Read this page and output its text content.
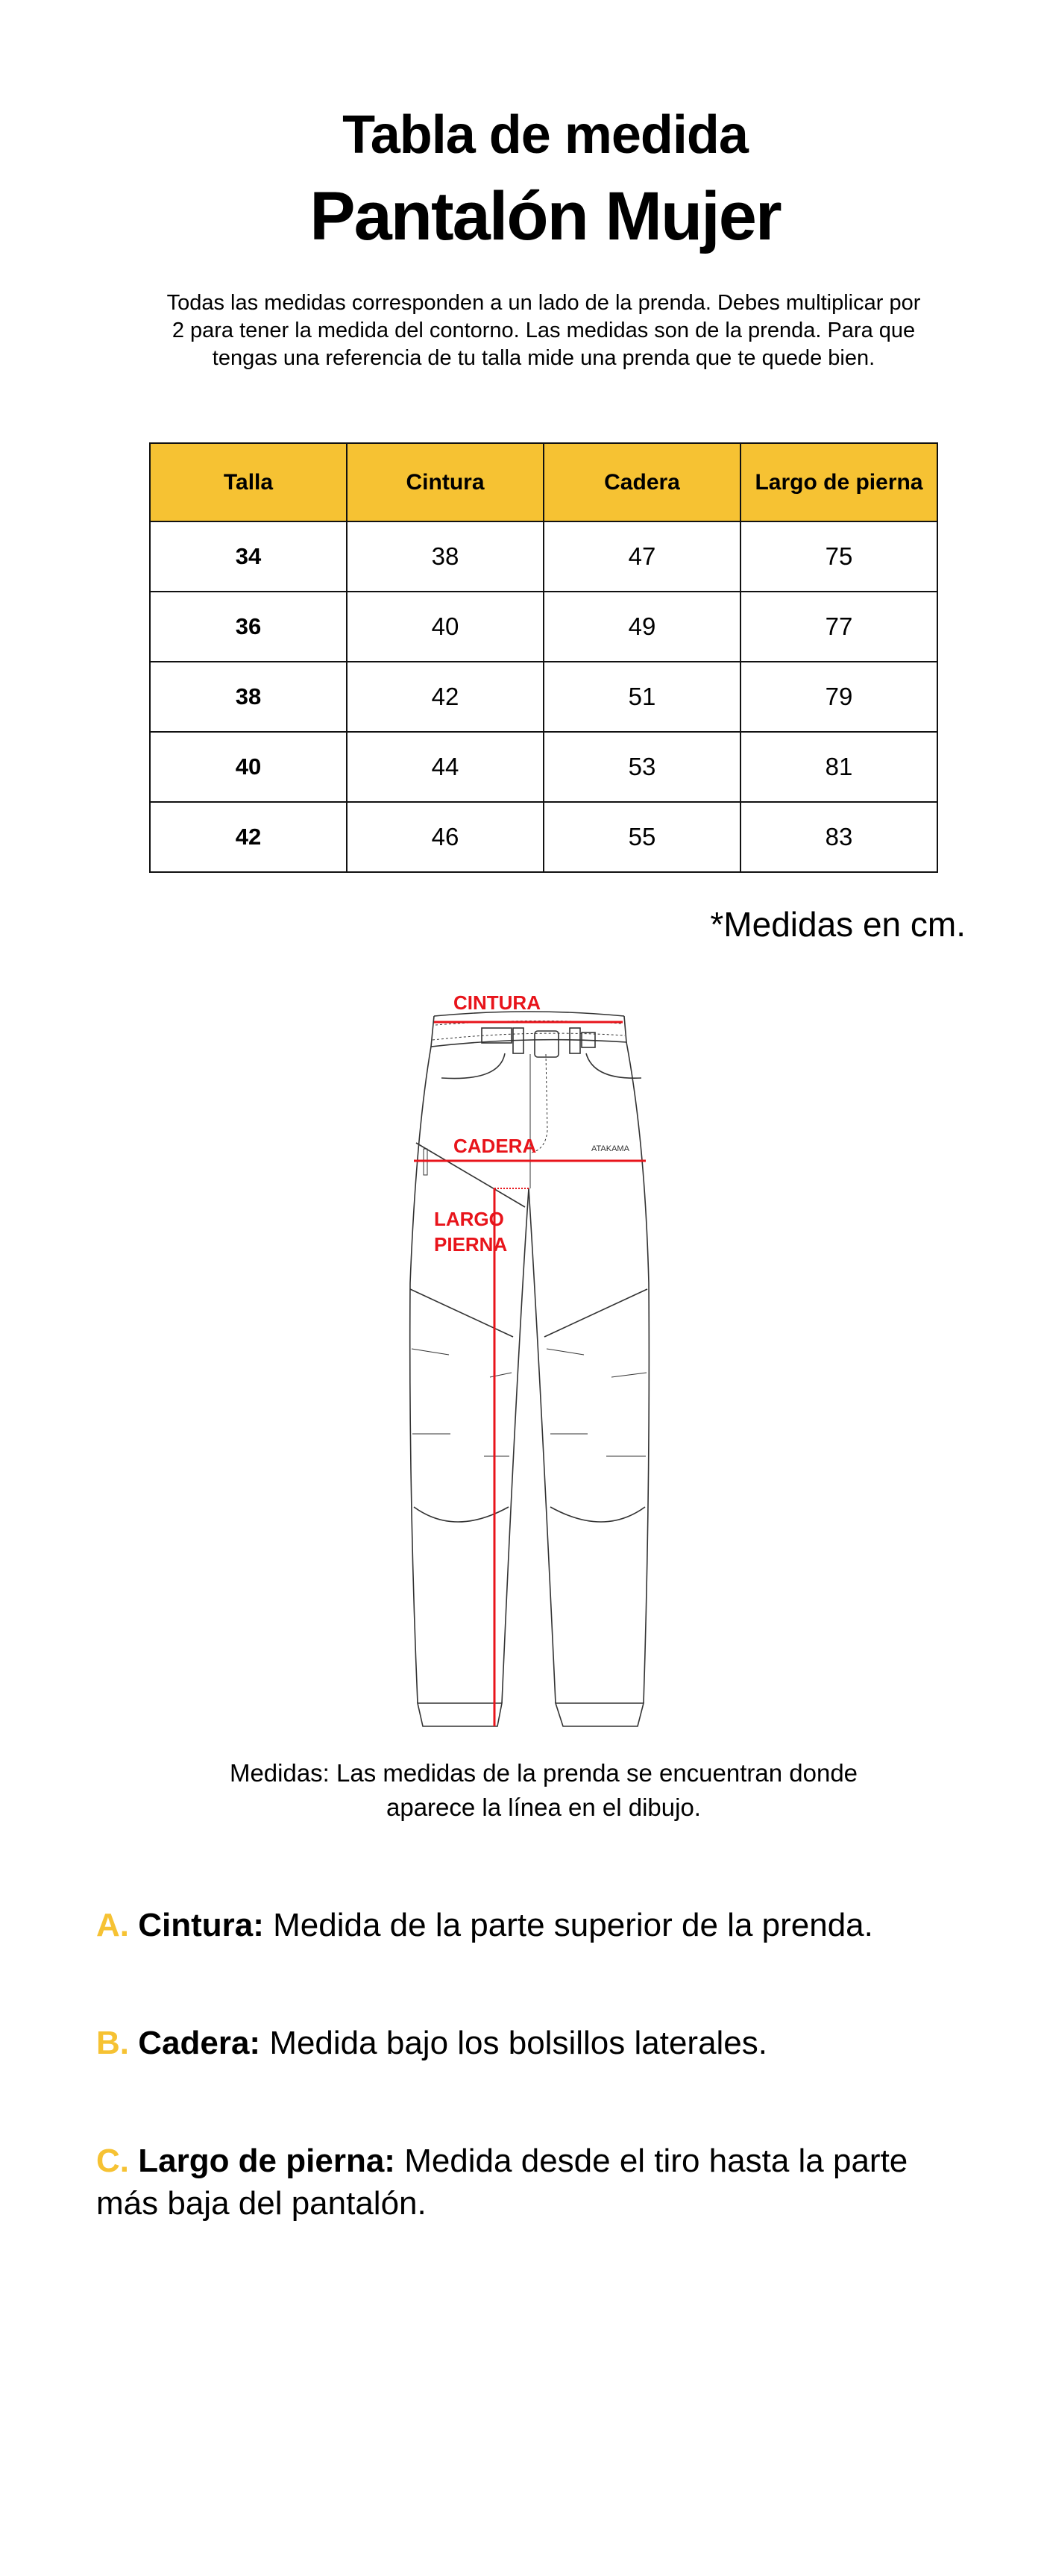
Tabla de medida
Pantalón Mujer
Todas las medidas corresponden a un lado de la prenda. Debes multiplicar por
2 para tener la medida del contorno. Las medidas son de la prenda. Para que
tengas una referencia de tu talla mide una prenda que te quede bien.
Talla	Cintura	Cadera	Largo de pierna
34	38	47	75
36	40	49	77
38	42	51	79
40	44	53	81
42	46	55	83
*Medidas en cm.
ATAKAMA
CINTURA
CADERA
LARGO
PIERNA
Medidas: Las medidas de la prenda se encuentran donde
aparece la línea en el dibujo.
A. Cintura: Medida de la parte superior de la prenda.
B. Cadera: Medida bajo los bolsillos laterales.
C. Largo de pierna: Medida desde el tiro hasta la parte más baja del pantalón.
